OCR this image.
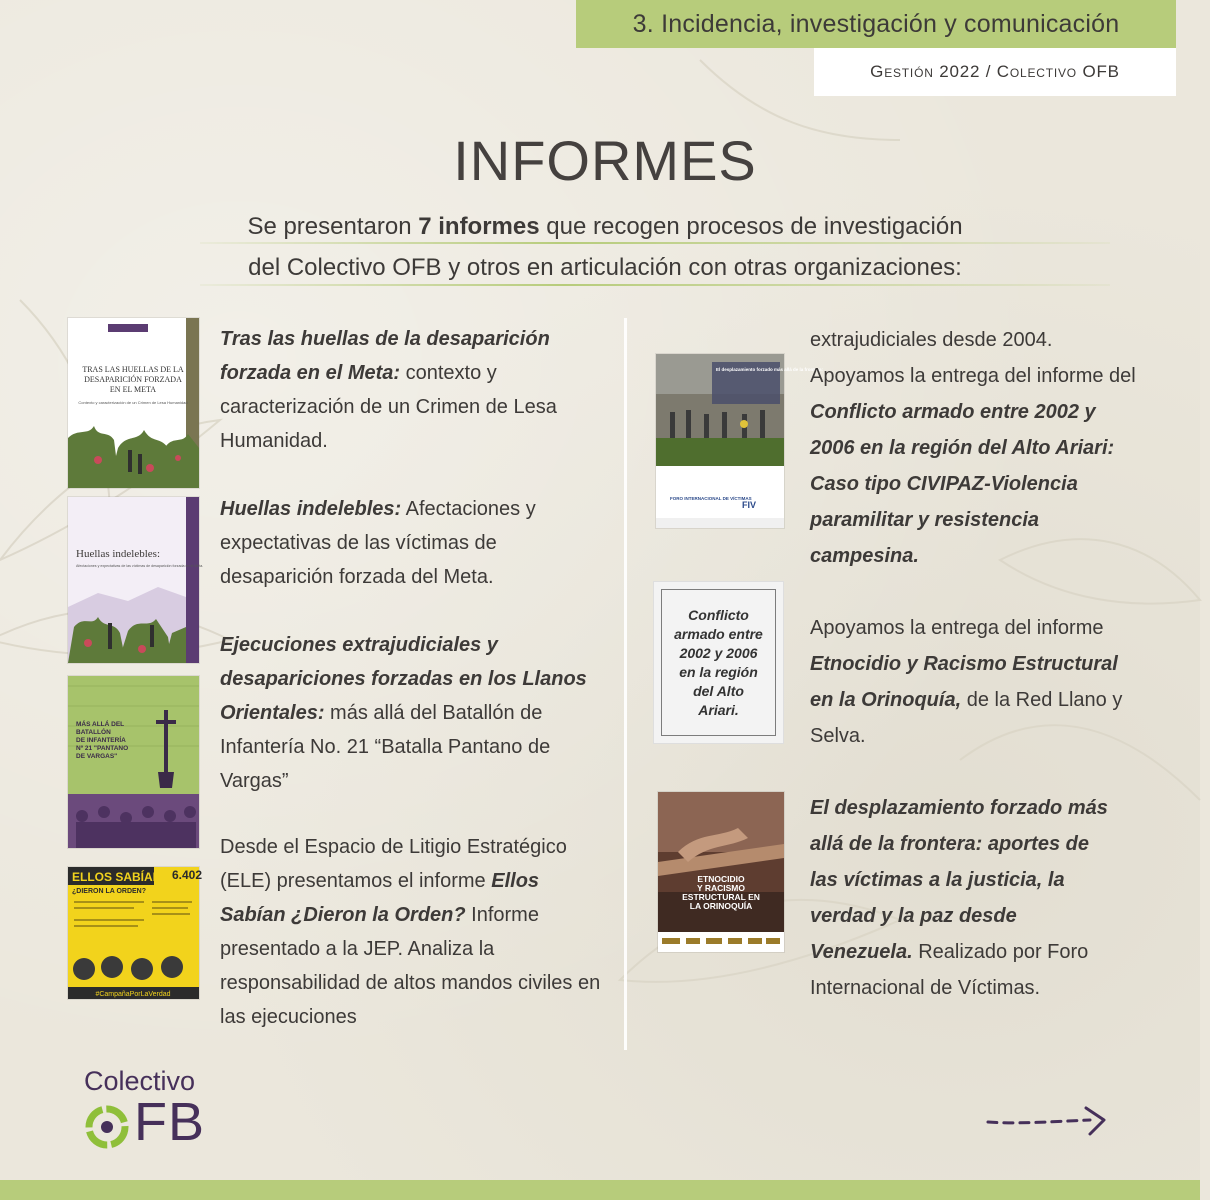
3. Incidencia, investigación y comunicación
Gestión 2022 / Colectivo OFB
INFORMES
Se presentaron 7 informes que recogen procesos de investigación
del Colectivo OFB y otros en articulación con otras organizaciones:
TRAS LAS HUELLAS DE LA
DESAPARICIÓN FORZADA
EN EL META
Contexto y caracterización de un Crimen de Lesa Humanidad
Huellas indelebles:
Afectaciones y expectativas de las víctimas de desaparición forzada en el Meta.
MÁS ALLÁ DEL
BATALLÓN
DE INFANTERÍA
Nº 21 "PANTANO
DE VARGAS"
ELLOS SABÍAN
¿DIERON LA ORDEN?
6.402
#CampañaPorLaVerdad
Tras las huellas de la desaparición forzada en el Meta: contexto y caracterización de un Crimen de Lesa Humanidad.
Huellas indelebles: Afectaciones y expectativas de las víctimas de desaparición forzada del Meta.
Ejecuciones extrajudiciales y desapariciones forzadas en los Llanos Orientales: más allá del Batallón de Infantería No. 21 “Batalla Pantano de Vargas”
Desde el Espacio de Litigio Estratégico (ELE) presentamos el informe Ellos Sabían ¿Dieron la Orden? Informe presentado a la JEP. Analiza la responsabilidad de altos mandos civiles en las ejecuciones
El desplazamiento forzado más allá de la frontera:
FORO INTERNACIONAL DE VÍCTIMAS
FIV
Conflicto armado entre 2002 y 2006 en la región del Alto Ariari.
ETNOCIDIO
Y RACISMO
ESTRUCTURAL EN
LA ORINOQUÍA
extrajudiciales desde 2004. Apoyamos la entrega del informe del Conflicto armado entre 2002 y 2006 en la región del Alto Ariari: Caso tipo CIVIPAZ-Violencia paramilitar y resistencia campesina.
Apoyamos la entrega del informe Etnocidio y Racismo Estructural en la Orinoquía, de la Red Llano y Selva.
El desplazamiento forzado más allá de la frontera: aportes de las víctimas a la justicia, la verdad y la paz desde Venezuela. Realizado por Foro Internacional de Víctimas.
Colectivo
FB
